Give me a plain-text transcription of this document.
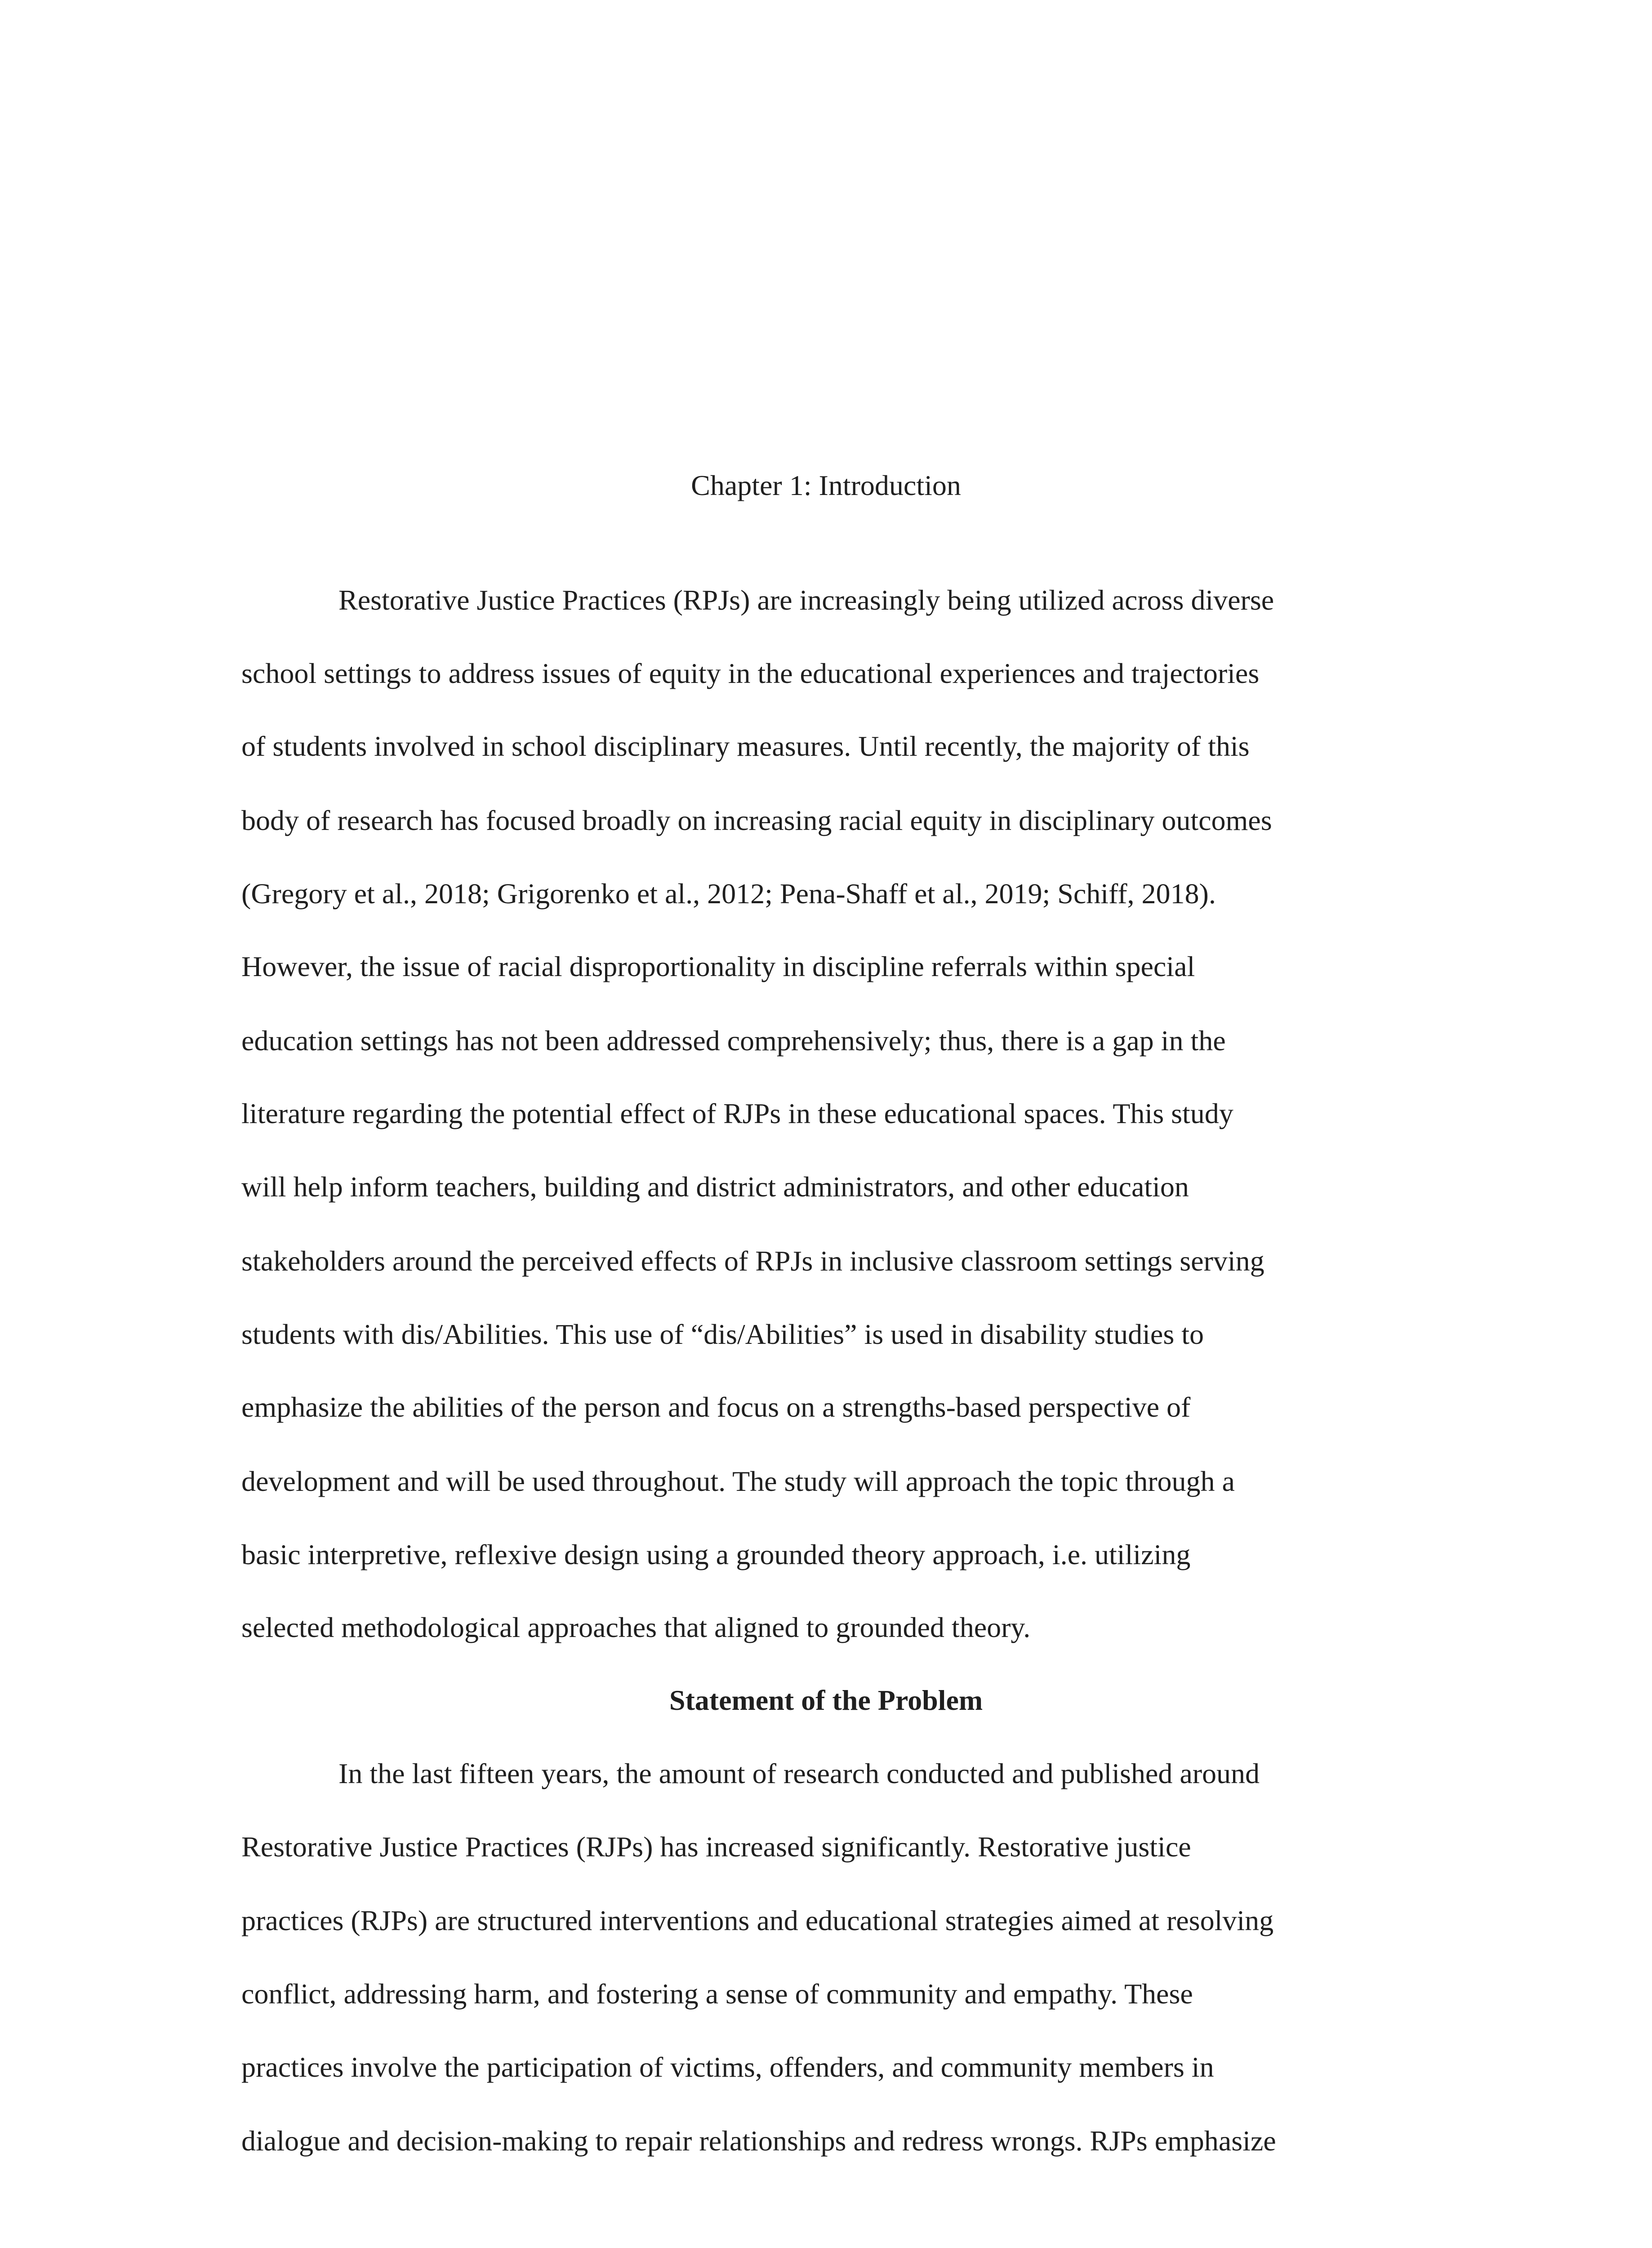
Chapter 1: Introduction
Restorative Justice Practices (RPJs) are increasingly being utilized across diverse
school settings to address issues of equity in the educational experiences and trajectories
of students involved in school disciplinary measures. Until recently, the majority of this
body of research has focused broadly on increasing racial equity in disciplinary outcomes
(Gregory et al., 2018; Grigorenko et al., 2012; Pena-Shaff et al., 2019; Schiff, 2018).
However, the issue of racial disproportionality in discipline referrals within special
education settings has not been addressed comprehensively; thus, there is a gap in the
literature regarding the potential effect of RJPs in these educational spaces. This study
will help inform teachers, building and district administrators, and other education
stakeholders around the perceived effects of RPJs in inclusive classroom settings serving
students with dis/Abilities. This use of “dis/Abilities” is used in disability studies to
emphasize the abilities of the person and focus on a strengths-based perspective of
development and will be used throughout. The study will approach the topic through a
basic interpretive, reflexive design using a grounded theory approach, i.e. utilizing
selected methodological approaches that aligned to grounded theory.
Statement of the Problem
In the last fifteen years, the amount of research conducted and published around
Restorative Justice Practices (RJPs) has increased significantly. Restorative justice
practices (RJPs) are structured interventions and educational strategies aimed at resolving
conflict, addressing harm, and fostering a sense of community and empathy. These
practices involve the participation of victims, offenders, and community members in
dialogue and decision-making to repair relationships and redress wrongs. RJPs emphasize
